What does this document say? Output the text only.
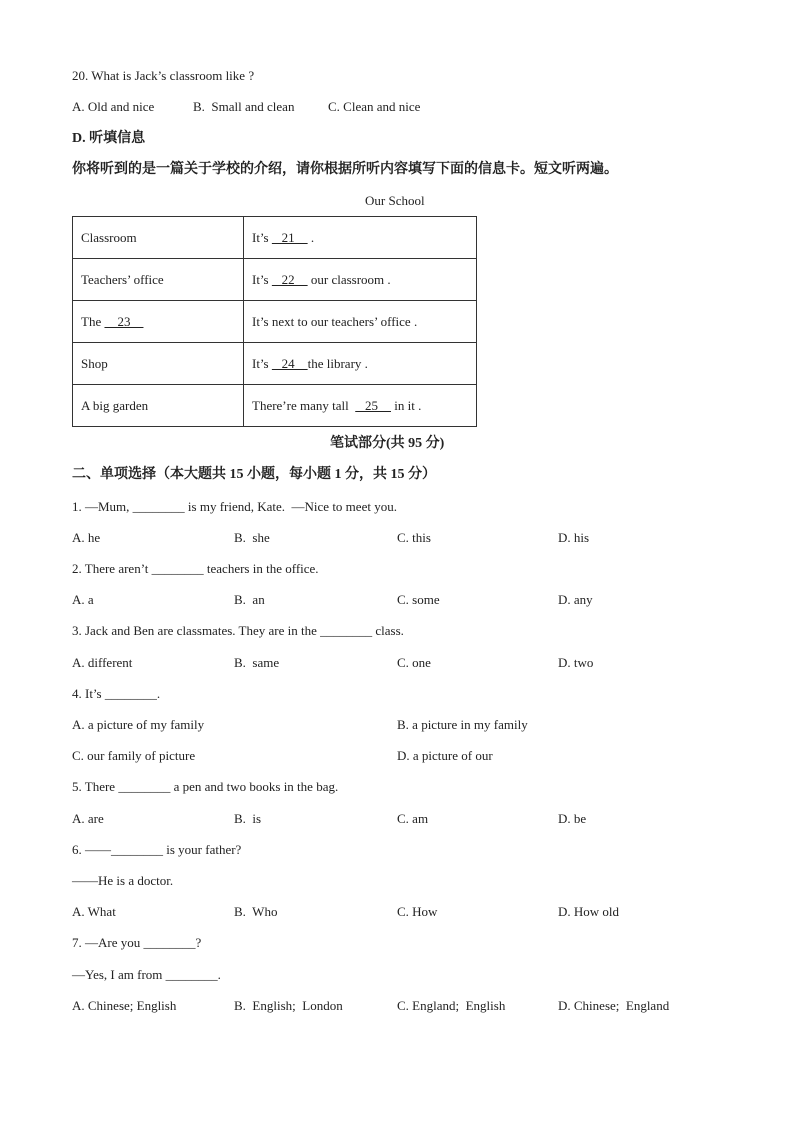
20. What is Jack’s classroom like ?
A. Old and nice	B.  Small and clean	C. Clean and nice
D. 听填信息
你将听到的是一篇关于学校的介绍，请你根据所听内容填写下面的信息卡。短文听两遍。
Our School
Classroom	It’s    21     .
Teachers’ office	It’s    22     our classroom .
The     23	It’s next to our teachers’ office .
Shop	It’s    24    the library .
A big garden	There’re many tall     25     in it .
笔试部分(共 95 分)
二、单项选择（本大题共 15 小题，每小题 1 分，共 15 分）
1. —Mum, ________ is my friend, Kate.  —Nice to meet you.
A. he	B.  she	C. this	D. his
2. There aren’t ________ teachers in the office.
A. a	B.  an	C. some	D. any
3. Jack and Ben are classmates. They are in the ________ class.
A. different	B.  same	C. one	D. two
4. It’s ________.
A. a picture of my family	B. a picture in my family
C. our family of picture	D. a picture of our
5. There ________ a pen and two books in the bag.
A. are	B.  is	C. am	D. be
6. ——________ is your father?
——He is a doctor.
A. What	B.  Who	C. How	D. How old
7. —Are you ________?
—Yes, I am from ________.
A. Chinese; English	B.  English;  London	C. England;  English	D. Chinese;  England
